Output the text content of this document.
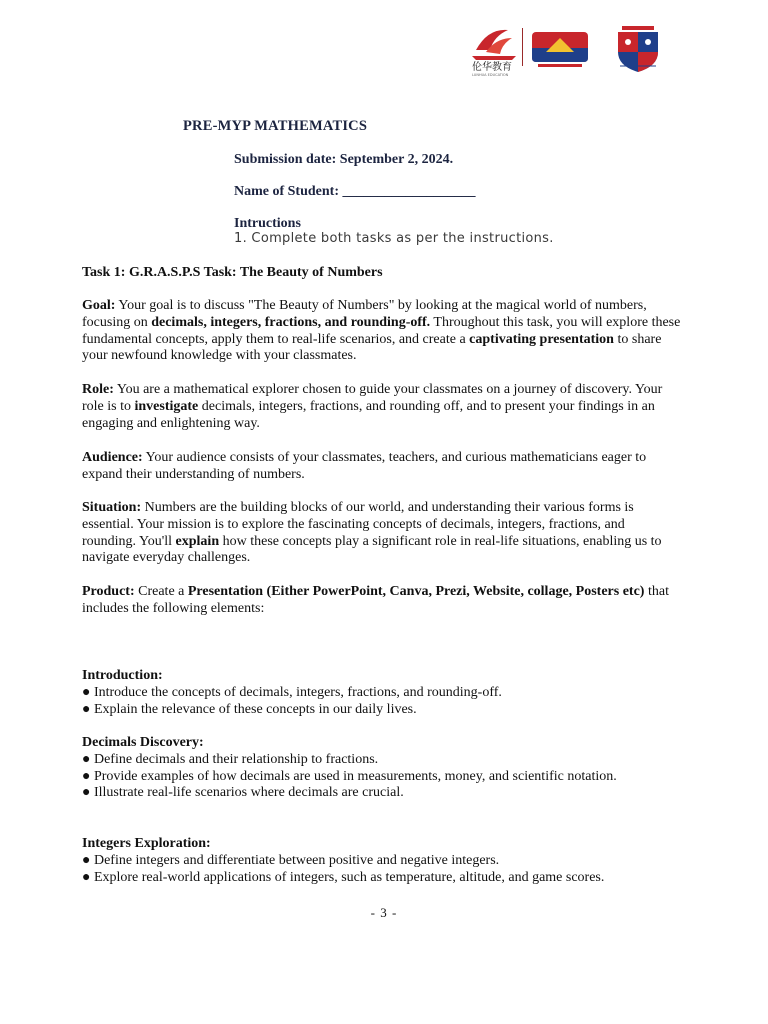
伦华教育
LUNHUA EDUCATION
PRE-MYP MATHEMATICS
Submission date: September 2, 2024.
Name of Student: ___________________
Intructions
1. Complete both tasks as per the instructions.
Task 1: G.R.A.S.P.S Task: The Beauty of Numbers

Goal: Your goal is to discuss "The Beauty of Numbers" by looking at the magical world of numbers, focusing on decimals, integers, fractions, and rounding-off. Throughout this task, you will explore these fundamental concepts, apply them to real-life scenarios, and create a captivating presentation to share your newfound knowledge with your classmates.

Role: You are a mathematical explorer chosen to guide your classmates on a journey of discovery. Your role is to investigate decimals, integers, fractions, and rounding off, and to present your findings in an engaging and enlightening way.

Audience: Your audience consists of your classmates, teachers, and curious mathematicians eager to expand their understanding of numbers.

Situation: Numbers are the building blocks of our world, and understanding their various forms is essential. Your mission is to explore the fascinating concepts of decimals, integers, fractions, and rounding. You'll explain how these concepts play a significant role in real-life situations, enabling us to navigate everyday challenges.

Product: Create a Presentation (Either PowerPoint, Canva, Prezi, Website, collage, Posters etc) that includes the following elements:

Introduction:

● Introduce the concepts of decimals, integers, fractions, and rounding-off.

● Explain the relevance of these concepts in our daily lives.

Decimals Discovery:

● Define decimals and their relationship to fractions.

● Provide examples of how decimals are used in measurements, money, and scientific notation.

● Illustrate real-life scenarios where decimals are crucial.

Integers Exploration:

● Define integers and differentiate between positive and negative integers.

● Explore real-world applications of integers, such as temperature, altitude, and game scores.

- 3 -
